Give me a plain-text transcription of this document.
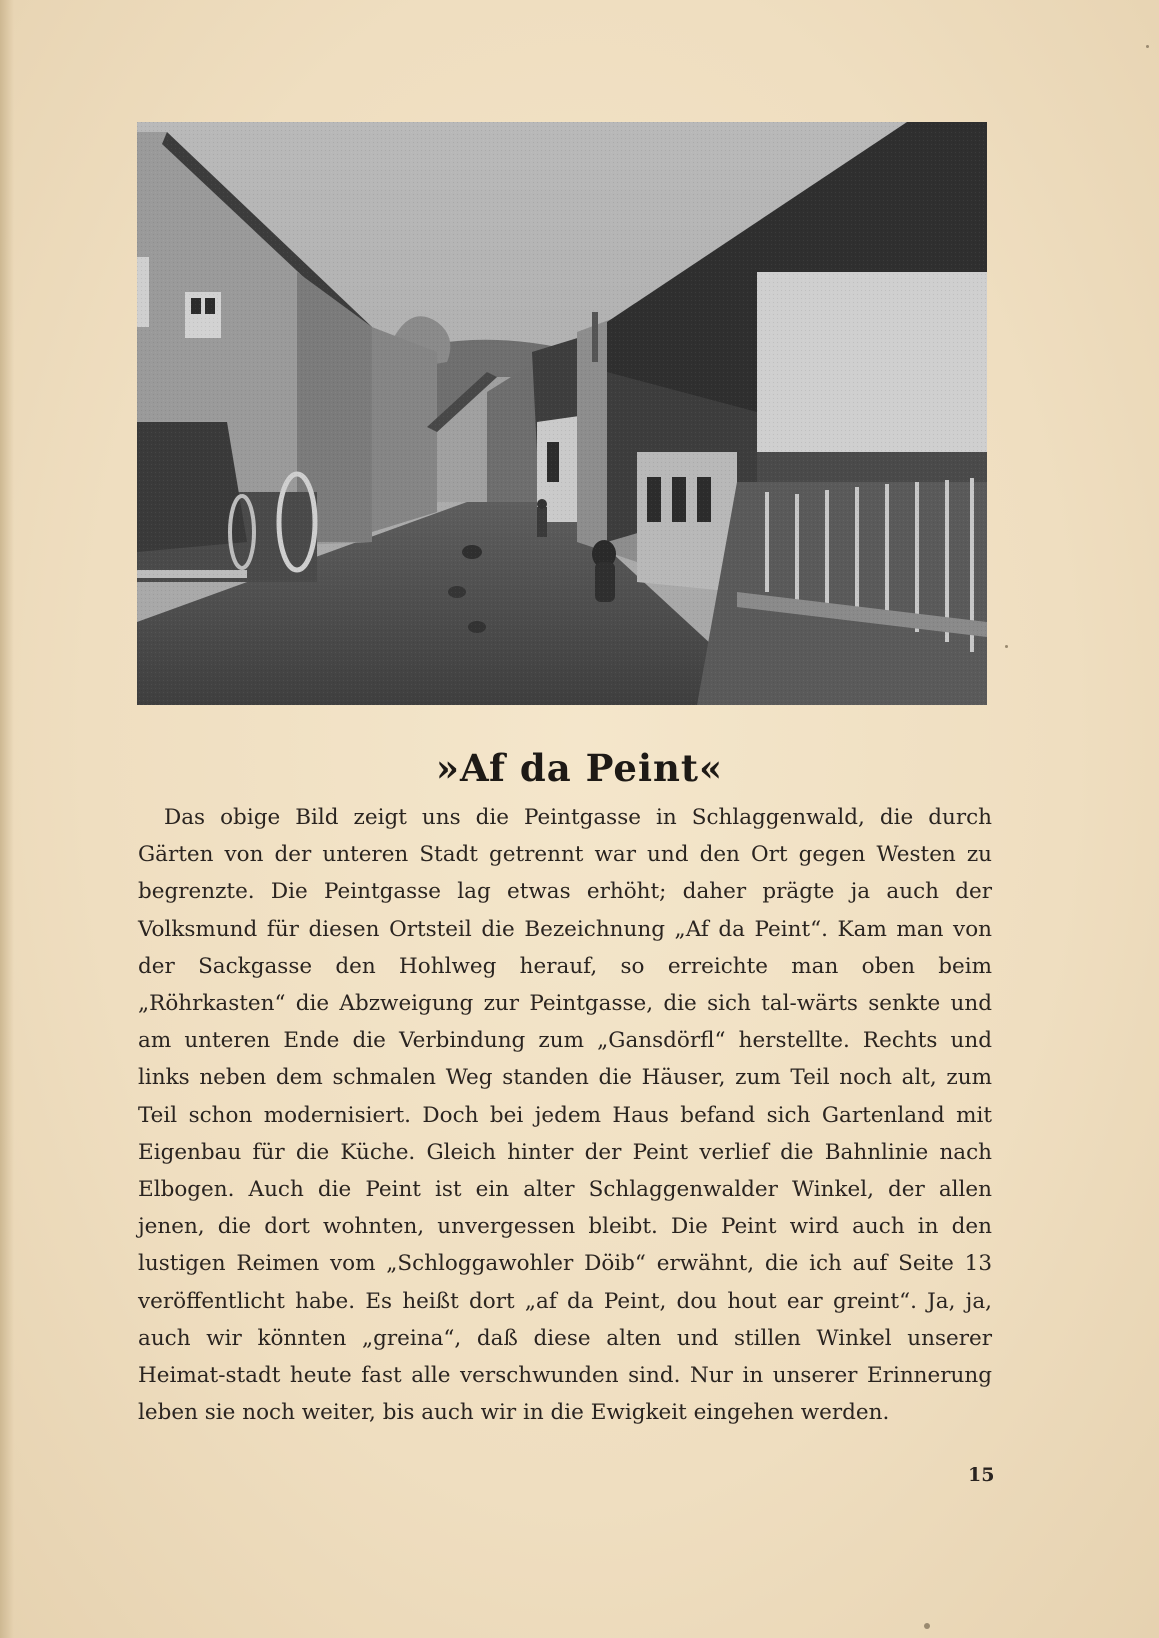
»Af da Peint«
Das obige Bild zeigt uns die Peintgasse in Schlaggenwald, die durch Gärten von der unteren Stadt getrennt war und den Ort gegen Westen zu begrenzte. Die Peintgasse lag etwas erhöht; daher prägte ja auch der Volksmund für diesen Ortsteil die Bezeichnung „Af da Peint“. Kam man von der Sackgasse den Hohlweg herauf, so erreichte man oben beim „Röhrkasten“ die Abzweigung zur Peintgasse, die sich tal-wärts senkte und am unteren Ende die Verbindung zum „Gansdörfl“ herstellte. Rechts und links neben dem schmalen Weg standen die Häuser, zum Teil noch alt, zum Teil schon modernisiert. Doch bei jedem Haus befand sich Gartenland mit Eigenbau für die Küche. Gleich hinter der Peint verlief die Bahnlinie nach Elbogen. Auch die Peint ist ein alter Schlaggenwalder Winkel, der allen jenen, die dort wohnten, unvergessen bleibt. Die Peint wird auch in den lustigen Reimen vom „Schloggawohler Döib“ erwähnt, die ich auf Seite 13 veröffentlicht habe. Es heißt dort „af da Peint, dou hout ear greint“. Ja, ja, auch wir könnten „greina“, daß diese alten und stillen Winkel unserer Heimat-stadt heute fast alle verschwunden sind. Nur in unserer Erinnerung leben sie noch weiter, bis auch wir in die Ewigkeit eingehen werden.
15
